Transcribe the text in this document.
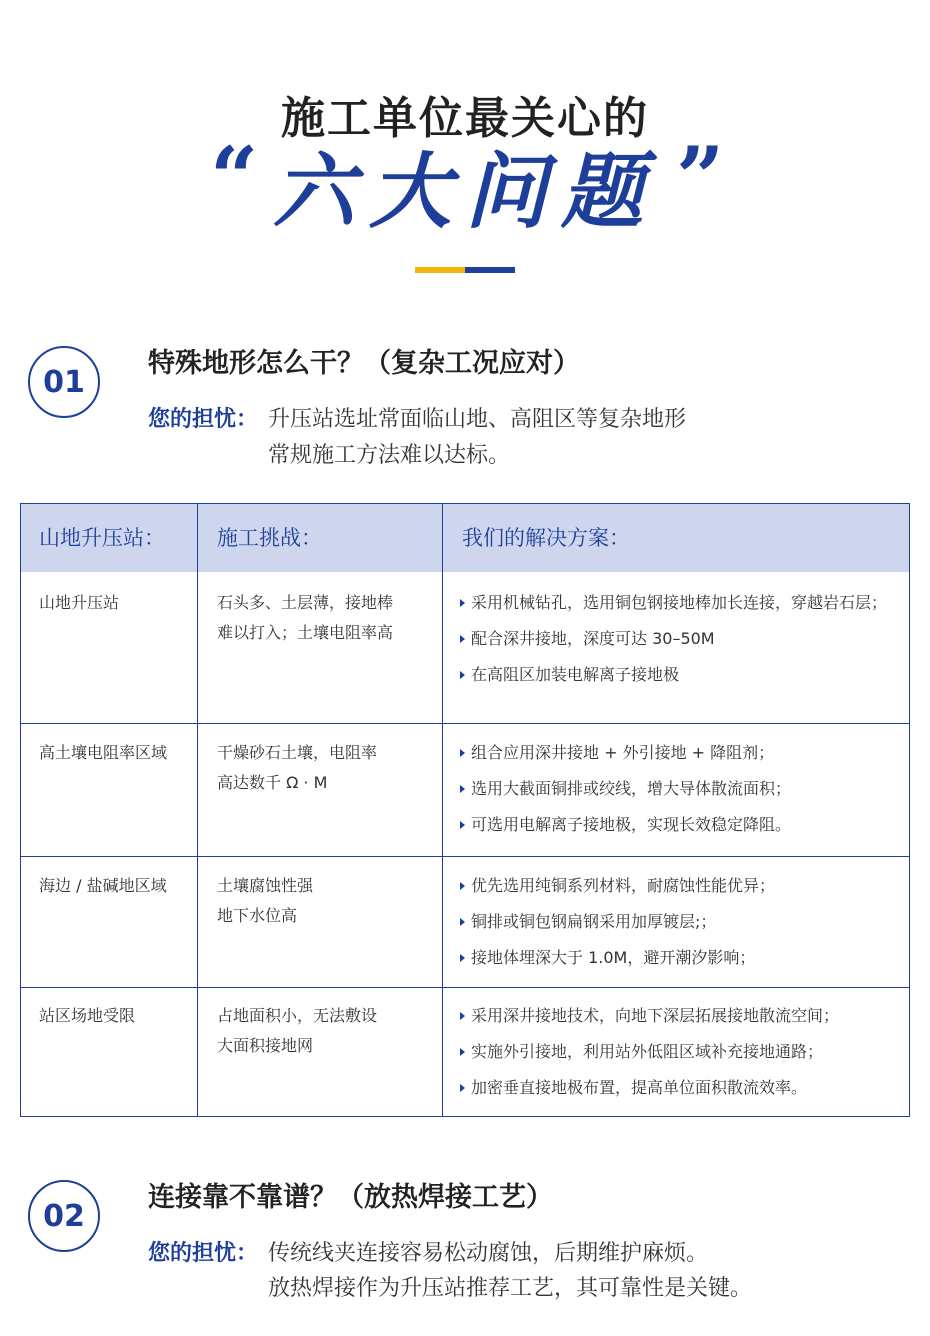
施工单位最关心的
“ 六大问题 ”
01
特殊地形怎么干？（复杂工况应对）
您的担忧： 升压站选址常面临山地、高阻区等复杂地形
常规施工方法难以达标。
山地升压站： 施工挑战：	我们的解决方案：
山地升压站	石头多、土层薄，接地棒
难以打入；土壤电阻率高
采用机械钻孔，选用铜包钢接地棒加长连接，穿越岩石层；
配合深井接地，深度可达 30–50M
在高阻区加装电解离子接地极
高土壤电阻率区域	干燥砂石土壤，电阻率
高达数千 Ω · M
组合应用深井接地 + 外引接地 + 降阻剂；
选用大截面铜排或绞线，增大导体散流面积；
可选用电解离子接地极，实现长效稳定降阻。
海边 / 盐碱地区域	土壤腐蚀性强
地下水位高
优先选用纯铜系列材料，耐腐蚀性能优异；
铜排或铜包钢扁钢采用加厚镀层;；
接地体埋深大于 1.0M，避开潮汐影响；
站区场地受限	占地面积小，无法敷设
大面积接地网
采用深井接地技术，向地下深层拓展接地散流空间；
实施外引接地，利用站外低阻区域补充接地通路；
加密垂直接地极布置，提高单位面积散流效率。
02
连接靠不靠谱？（放热焊接工艺）
您的担忧： 传统线夹连接容易松动腐蚀，后期维护麻烦。
放热焊接作为升压站推荐工艺，其可靠性是关键。
